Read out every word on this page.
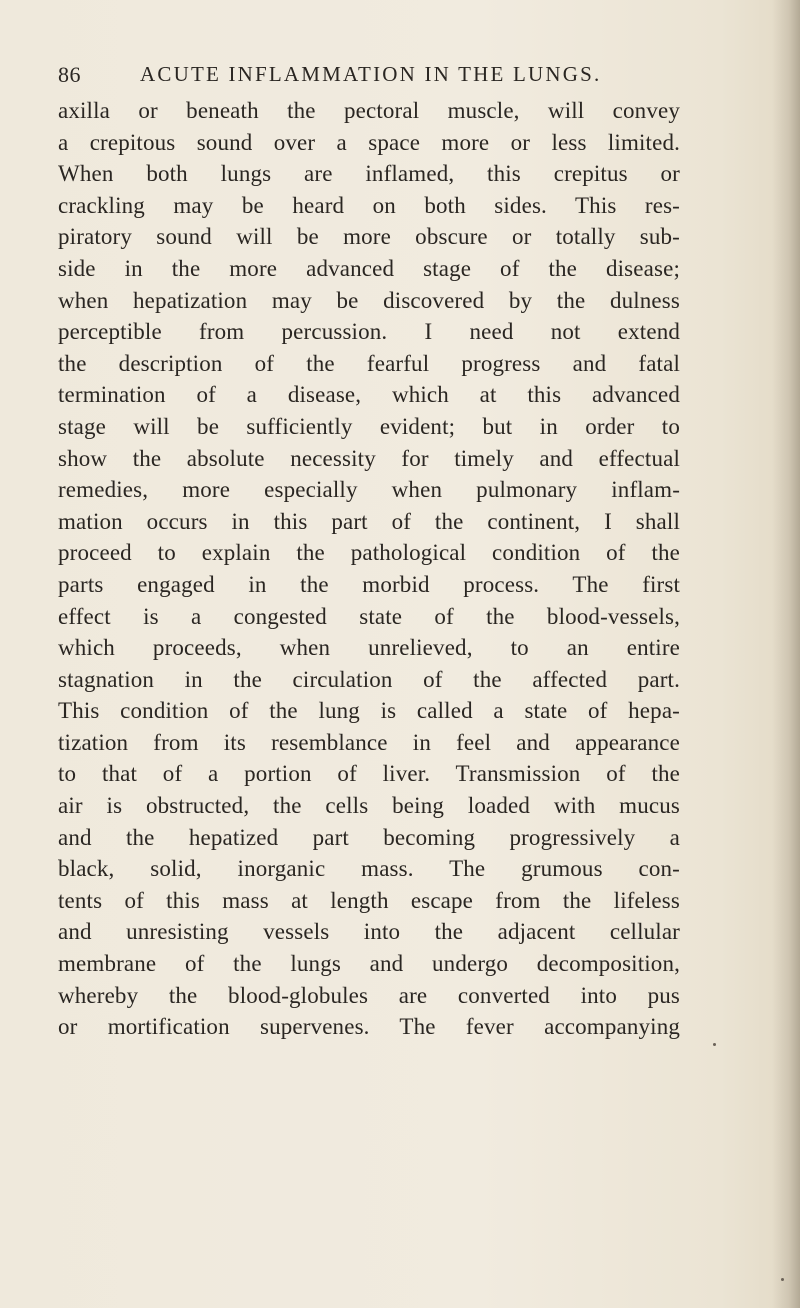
86	ACUTE INFLAMMATION IN THE LUNGS.
axilla or beneath the pectoral muscle, will convey
a crepitous sound over a space more or less limited.
When both lungs are inflamed, this crepitus or
crackling may be heard on both sides. This res-
piratory sound will be more obscure or totally sub-
side in the more advanced stage of the disease;
when hepatization may be discovered by the dulness
perceptible from percussion. I need not extend
the description of the fearful progress and fatal
termination of a disease, which at this advanced
stage will be sufficiently evident; but in order to
show the absolute necessity for timely and effectual
remedies, more especially when pulmonary inflam-
mation occurs in this part of the continent, I shall
proceed to explain the pathological condition of the
parts engaged in the morbid process. The first
effect is a congested state of the blood-vessels,
which proceeds, when unrelieved, to an entire
stagnation in the circulation of the affected part.
This condition of the lung is called a state of hepa-
tization from its resemblance in feel and appearance
to that of a portion of liver. Transmission of the
air is obstructed, the cells being loaded with mucus
and the hepatized part becoming progressively a
black, solid, inorganic mass. The grumous con-
tents of this mass at length escape from the lifeless
and unresisting vessels into the adjacent cellular
membrane of the lungs and undergo decomposition,
whereby the blood-globules are converted into pus
or mortification supervenes. The fever accompanying
